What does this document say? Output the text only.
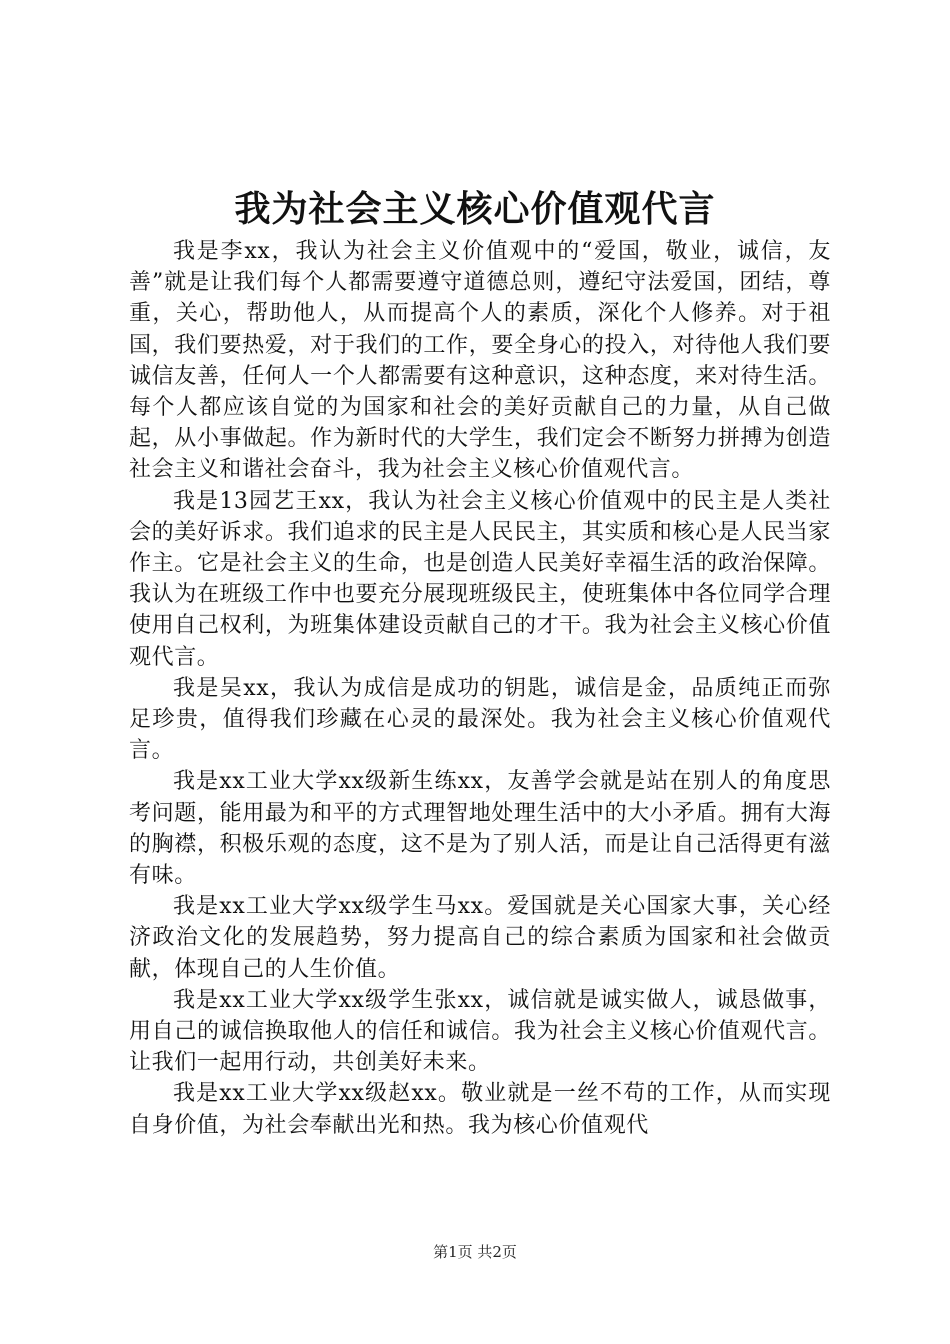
我为社会主义核心价值观代言

我是李xx，我认为社会主义价值观中的“爱国，敬业，诚信，友善”就是让我们每个人都需要遵守道德总则，遵纪守法爱国，团结，尊重，关心，帮助他人，从而提高个人的素质，深化个人修养。对于祖国，我们要热爱，对于我们的工作，要全身心的投入，对待他人我们要诚信友善，任何人一个人都需要有这种意识，这种态度，来对待生活。每个人都应该自觉的为国家和社会的美好贡献自己的力量，从自己做起，从小事做起。作为新时代的大学生，我们定会不断努力拼搏为创造社会主义和谐社会奋斗，我为社会主义核心价值观代言。

我是13园艺王xx，我认为社会主义核心价值观中的民主是人类社会的美好诉求。我们追求的民主是人民民主，其实质和核心是人民当家作主。它是社会主义的生命，也是创造人民美好幸福生活的政治保障。我认为在班级工作中也要充分展现班级民主，使班集体中各位同学合理使用自己权利，为班集体建设贡献自己的才干。我为社会主义核心价值观代言。

我是吴xx，我认为成信是成功的钥匙，诚信是金，品质纯正而弥足珍贵，值得我们珍藏在心灵的最深处。我为社会主义核心价值观代言。

我是xx工业大学xx级新生练xx，友善学会就是站在别人的角度思考问题，能用最为和平的方式理智地处理生活中的大小矛盾。拥有大海的胸襟，积极乐观的态度，这不是为了别人活，而是让自己活得更有滋有味。

我是xx工业大学xx级学生马xx。爱国就是关心国家大事，关心经济政治文化的发展趋势，努力提高自己的综合素质为国家和社会做贡献，体现自己的人生价值。

我是xx工业大学xx级学生张xx，诚信就是诚实做人，诚恳做事，用自己的诚信换取他人的信任和诚信。我为社会主义核心价值观代言。让我们一起用行动，共创美好未来。

我是xx工业大学xx级赵xx。敬业就是一丝不苟的工作，从而实现自身价值，为社会奉献出光和热。我为核心价值观代

第1页 共2页
